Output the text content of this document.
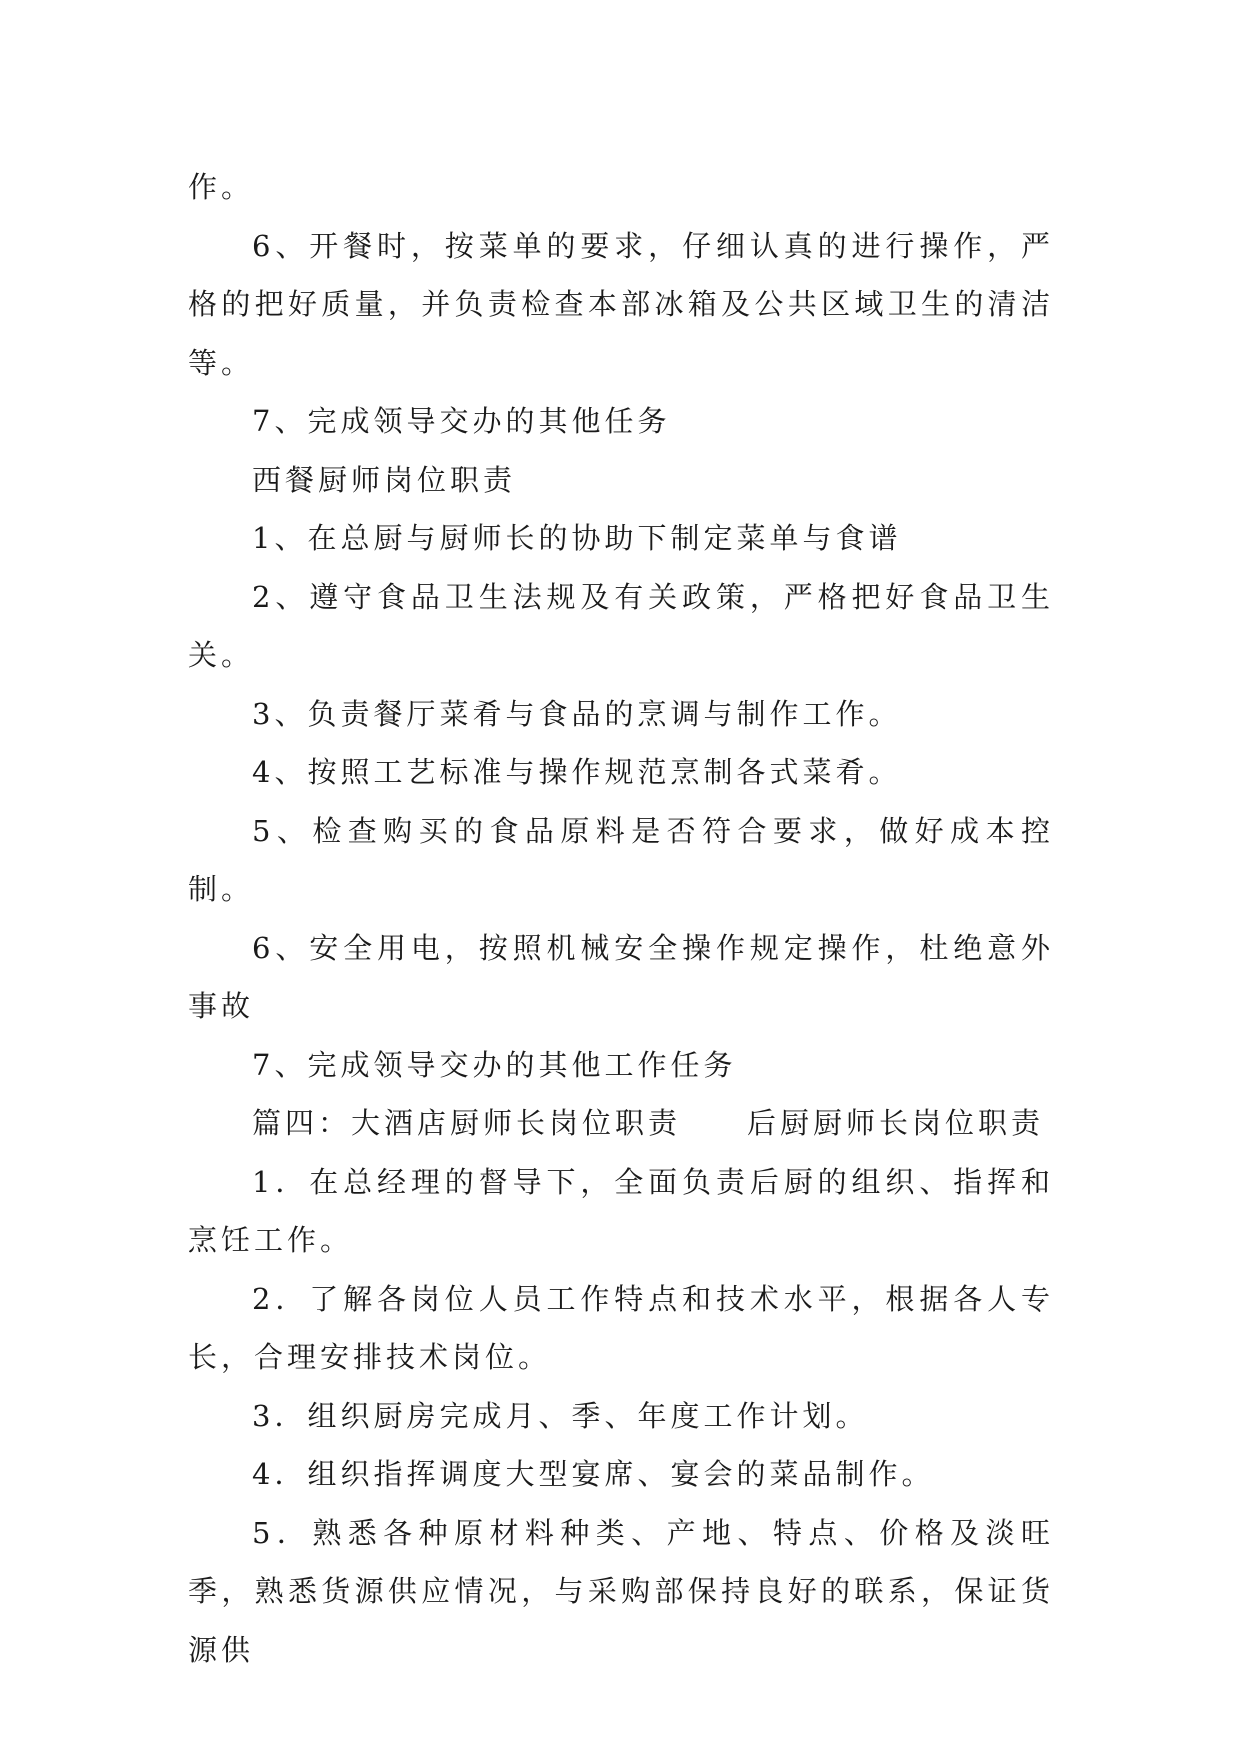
作。

6、开餐时，按菜单的要求，仔细认真的进行操作，严格的把好质量，并负责检查本部冰箱及公共区域卫生的清洁等。

7、完成领导交办的其他任务

西餐厨师岗位职责

1、在总厨与厨师长的协助下制定菜单与食谱

2、遵守食品卫生法规及有关政策，严格把好食品卫生关。

3、负责餐厅菜肴与食品的烹调与制作工作。

4、按照工艺标准与操作规范烹制各式菜肴。

5、检查购买的食品原料是否符合要求，做好成本控制。

6、安全用电，按照机械安全操作规定操作，杜绝意外事故

7、完成领导交办的其他工作任务

篇四：大酒店厨师长岗位职责　　后厨厨师长岗位职责

1．在总经理的督导下，全面负责后厨的组织、指挥和烹饪工作。

2．了解各岗位人员工作特点和技术水平，根据各人专长，合理安排技术岗位。

3．组织厨房完成月、季、年度工作计划。

4．组织指挥调度大型宴席、宴会的菜品制作。

5．熟悉各种原材料种类、产地、特点、价格及淡旺季，熟悉货源供应情况，与采购部保持良好的联系，保证货源供
